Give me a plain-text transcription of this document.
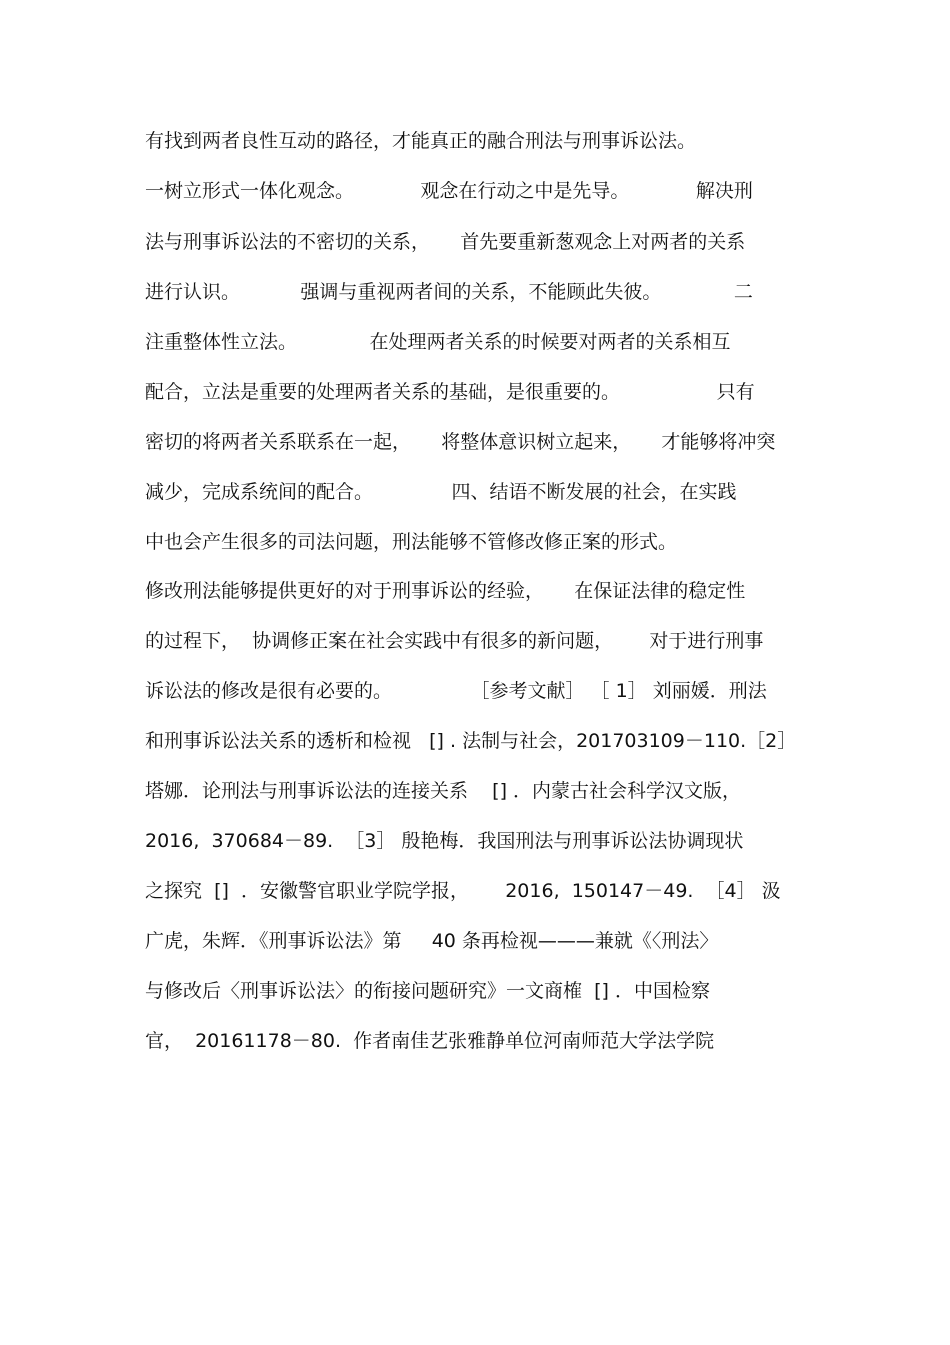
有找到两者良性互动的路径，才能真正的融合刑法与刑事诉讼法。
一树立形式一体化观念。           观念在行动之中是先导。           解决刑
法与刑事诉讼法的不密切的关系，     首先要重新葱观念上对两者的关系
进行认识。          强调与重视两者间的关系，不能顾此失彼。            二
注重整体性立法。            在处理两者关系的时候要对两者的关系相互
配合，立法是重要的处理两者关系的基础，是很重要的。                只有
密切的将两者关系联系在一起，     将整体意识树立起来，     才能够将冲突
减少，完成系统间的配合。             四、结语不断发展的社会，在实践
中也会产生很多的司法问题，刑法能够不管修改修正案的形式。
修改刑法能够提供更好的对于刑事诉讼的经验，     在保证法律的稳定性
的过程下，  协调修正案在社会实践中有很多的新问题，      对于进行刑事
诉讼法的修改是很有必要的。             ［参考文献］ ［ 1］ 刘丽媛．刑法
和刑事诉讼法关系的透析和检视   [] . 法制与社会，201703109－110.［2］
塔娜．论刑法与刑事诉讼法的连接关系    [] ．内蒙古社会科学汉文版，
2016,  370684－89.  ［3］ 殷艳梅．我国刑法与刑事诉讼法协调现状
之探究  []  ．安徽警官职业学院学报，      2016,  150147－49.  ［4］ 汲
广虎，朱辉．《刑事诉讼法》第     40 条再检视———兼就《〈刑法〉
与修改后〈刑事诉讼法〉的衔接问题研究》一文商榷  [] ．中国检察
官，  20161178－80.  作者南佳艺张雅静单位河南师范大学法学院
